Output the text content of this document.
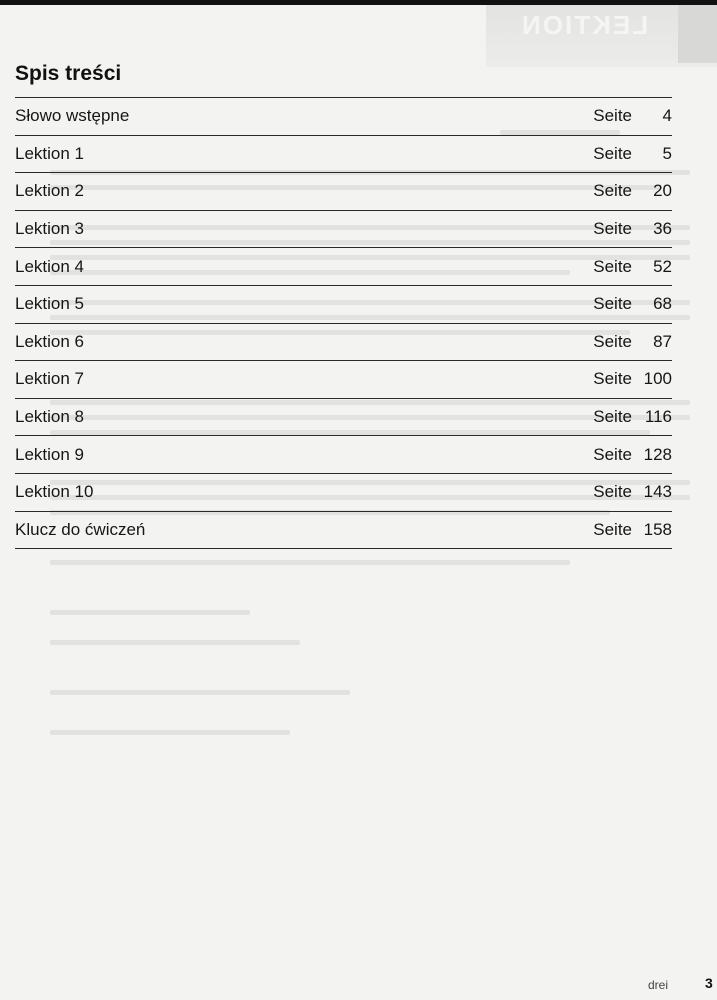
LEKTION
Spis treści
Słowo wstępne	Seite	4
Lektion 1	Seite	5
Lektion 2	Seite	20
Lektion 3	Seite	36
Lektion 4	Seite	52
Lektion 5	Seite	68
Lektion 6	Seite	87
Lektion 7	Seite 100
Lektion 8	Seite 116
Lektion 9	Seite 128
Lektion 10	Seite 143
Klucz do ćwiczeń	Seite 158
drei	3
